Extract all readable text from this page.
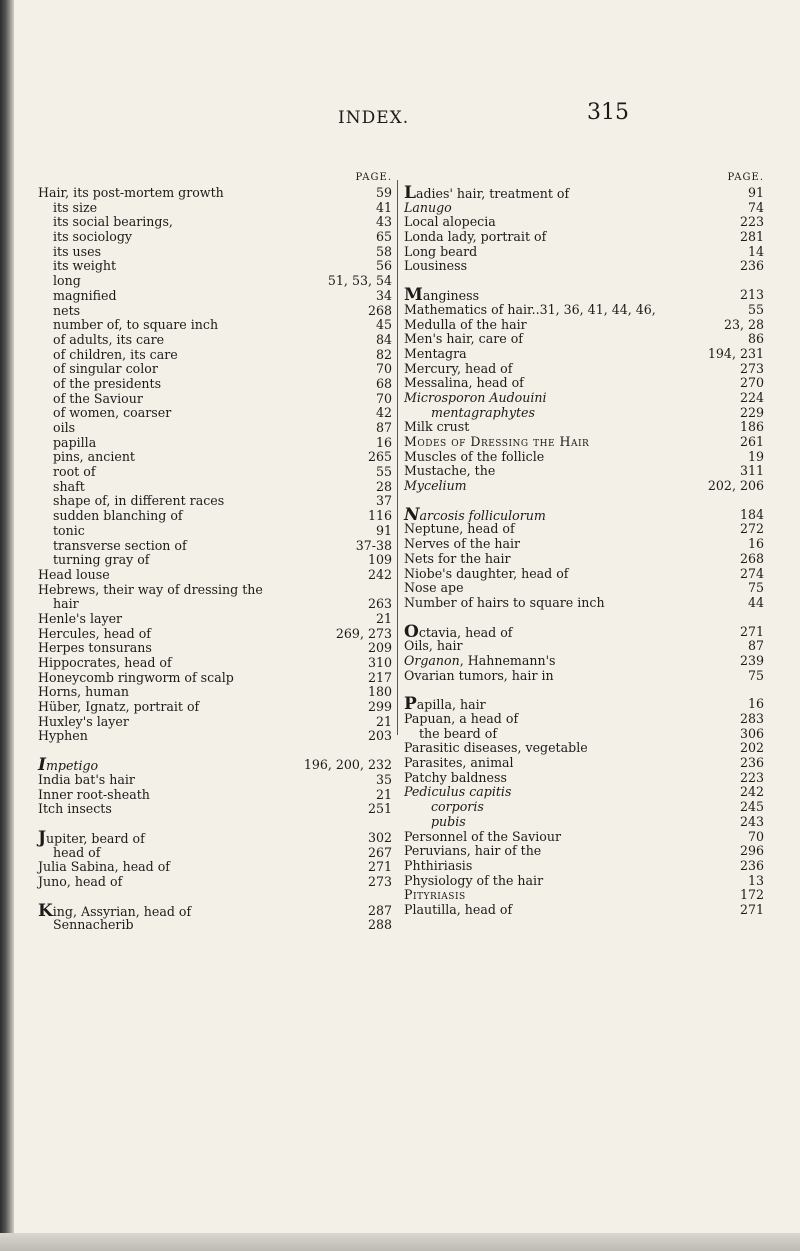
INDEX.	315
PAGE.
Hair, its post-mortem growth	59
its size	41
its social bearings,	43
its sociology	65
its uses	58
its weight	56
long	51, 53, 54
magnified	34
nets	268
number of, to square inch	45
of adults, its care	84
of children, its care	82
of singular color	70
of the presidents	68
of the Saviour	70
of women, coarser	42
oils	87
papilla	16
pins, ancient	265
root of	55
shaft	28
shape of, in different races	37
sudden blanching of	116
tonic	91
transverse section of	37-38
turning gray of	109
Head louse	242
Hebrews, their way of dressing the
hair	263
Henle's layer	21
Hercules, head of	269, 273
Herpes tonsurans	209
Hippocrates, head of	310
Honeycomb ringworm of scalp	217
Horns, human	180
Hüber, Ignatz, portrait of	299
Huxley's layer	21
Hyphen	203
Impetigo	196, 200, 232
India bat's hair	35
Inner root-sheath	21
Itch insects	251
Jupiter, beard of	302
head of	267
Julia Sabina, head of	271
Juno, head of	273
King, Assyrian, head of	287
Sennacherib	288
PAGE.
Ladies' hair, treatment of	91
Lanugo	74
Local alopecia	223
Londa lady, portrait of	281
Long beard	14
Lousiness	236
Manginess	213
Mathematics of hair..31, 36, 41, 44, 46,	55
Medulla of the hair	23, 28
Men's hair, care of	86
Mentagra	194, 231
Mercury, head of	273
Messalina, head of	270
Microsporon Audouini	224
mentagraphytes	229
Milk crust	186
Modes of Dressing the Hair	261
Muscles of the follicle	19
Mustache, the	311
Mycelium	202, 206
Narcosis folliculorum	184
Neptune, head of	272
Nerves of the hair	16
Nets for the hair	268
Niobe's daughter, head of	274
Nose ape	75
Number of hairs to square inch	44
Octavia, head of	271
Oils, hair	87
Organon, Hahnemann's	239
Ovarian tumors, hair in	75
Papilla, hair	16
Papuan, a head of	283
the beard of	306
Parasitic diseases, vegetable	202
Parasites, animal	236
Patchy baldness	223
Pediculus capitis	242
corporis	245
pubis	243
Personnel of the Saviour	70
Peruvians, hair of the	296
Phthiriasis	236
Physiology of the hair	13
Pityriasis	172
Plautilla, head of	271
